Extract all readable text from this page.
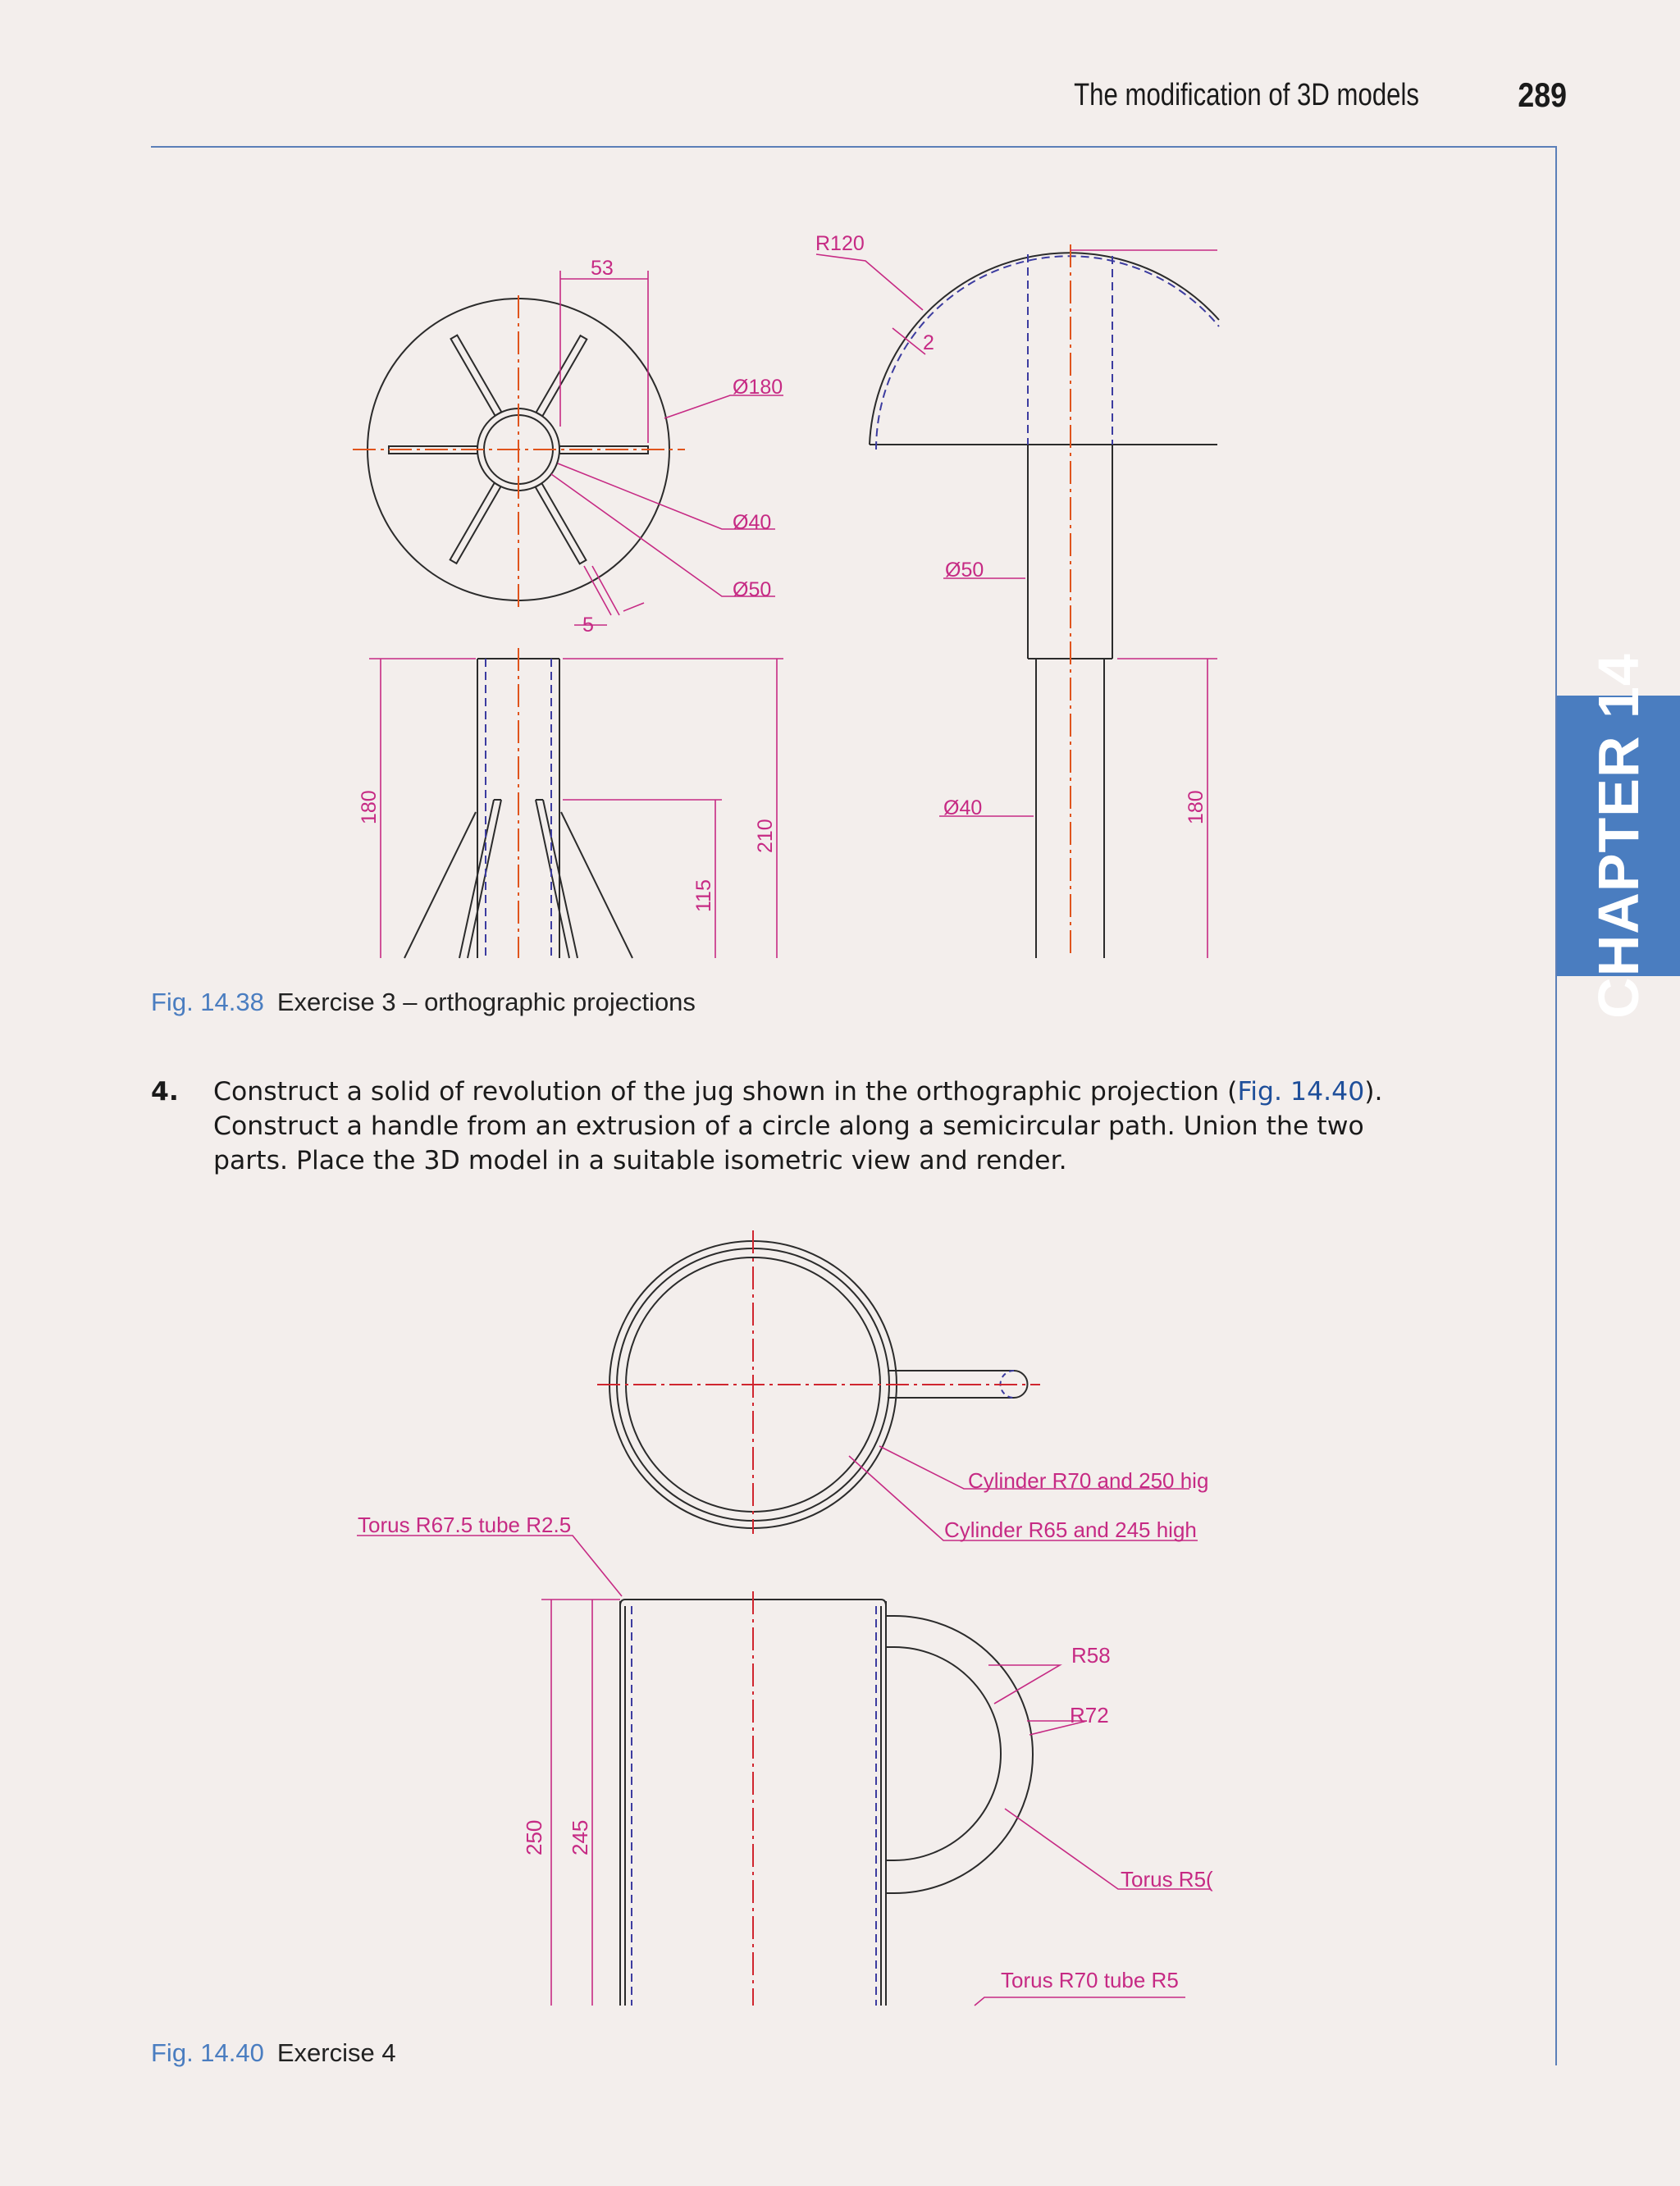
The modification of 3D models	289
CHAPTER 14
53
Ø180
Ø40
Ø50
5
180
210
115
R120
2
Ø50
Ø40	180
Fig. 14.38 Exercise 3 – orthographic projections
4. Construct a solid of revolution of the jug shown in the orthographic projection (Fig. 14.40). Construct a handle from an extrusion of a circle along a semicircular path. Union the two parts. Place the 3D model in a suitable isometric view and render.
Cylinder R70 and 250 hig
Cylinder R65 and 245 high
Torus R67.5 tube R2.5
250 245
R58
R72
Torus R5(
Torus R70 tube R5
Fig. 14.40 Exercise 4
